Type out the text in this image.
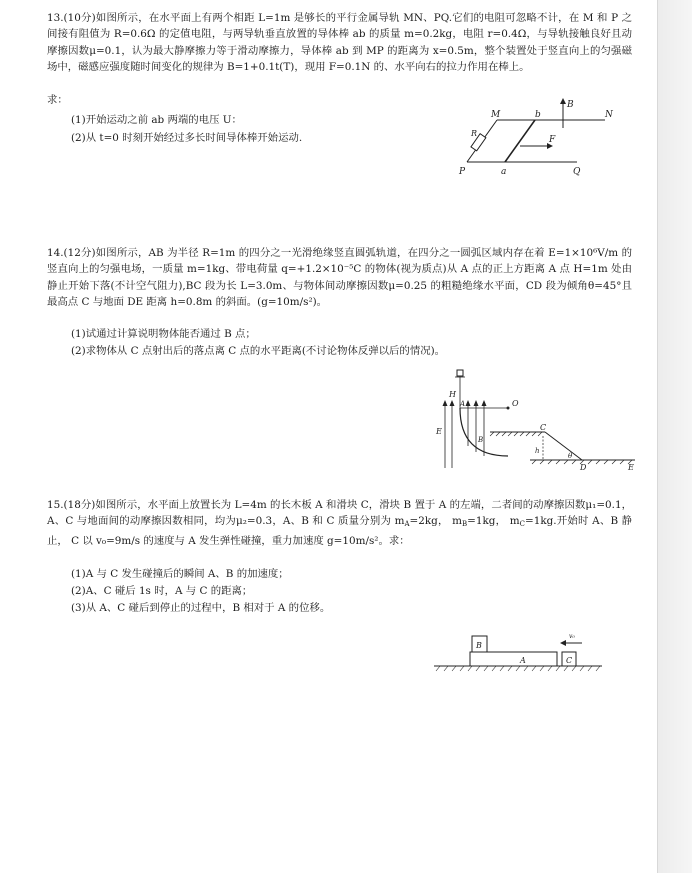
13.(10分)如图所示，在水平面上有两个相距 L=1m 是够长的平行金属导轨 MN、PQ.它们的电阻可忽略不计，在 M 和 P 之间接有阻值为 R=0.6Ω 的定值电阻，与两导轨垂直放置的导体棒 ab 的质量 m=0.2kg，电阻 r=0.4Ω，与导轨接触良好且动摩擦因数μ=0.1，认为最大静摩擦力等于滑动摩擦力，导体棒 ab 到 MP 的距离为 x=0.5m，整个装置处于竖直向上的匀强磁场中，磁感应强度随时间变化的规律为 B=1+0.1t(T)，现用 F=0.1N 的、水平向右的拉力作用在棒上。
求：
(1)开始运动之前 ab 两端的电压 U：
(2)从 t=0 时刻开始经过多长时间导体棒开始运动.
M	b	N
B
R
F
P	a	Q
14.(12分)如图所示，AB 为半径 R=1m 的四分之一光滑绝缘竖直圆弧轨道，在四分之一圆弧区域内存在着 E=1×10⁶V/m 的竖直向上的匀强电场，一质量 m=1kg、带电荷量 q=+1.2×10⁻⁵C 的物体(视为质点)从 A 点的正上方距离 A 点 H=1m 处由静止开始下落(不计空气阻力),BC 段为长 L=3.0m、与物体间动摩擦因数μ=0.25 的粗糙绝缘水平面，CD 段为倾角θ=45°且最高点 C 与地面 DE 距离 h=0.8m 的斜面。(g=10m/s²)。
(1)试通过计算说明物体能否通过 B 点；
(2)求物体从 C 点射出后的落点离 C 点的水平距离(不讨论物体反弹以后的情况)。
H
O
A
E
B
C
h
θ
D	E
15.(18分)如图所示，水平面上放置长为 L=4m 的长木板 A 和滑块 C，滑块 B 置于 A 的左端，二者间的动摩擦因数μ₁=0.1，A、C 与地面间的动摩擦因数相同，均为μ₂=0.3，A、B 和 C 质量分别为 $m_A=2kg$， $m_B=1kg$， $m_C=1kg$.开始时 A、B 静止， C 以 v₀=9m/s 的速度与 A 发生弹性碰撞，重力加速度 g=10m/s²。求：
(1)A 与 C 发生碰撞后的瞬间 A、B 的加速度；
(2)A、C 碰后 1s 时，A 与 C 的距离；
(3)从 A、C 碰后到停止的过程中，B 相对于 A 的位移。
B
A	C
v₀
